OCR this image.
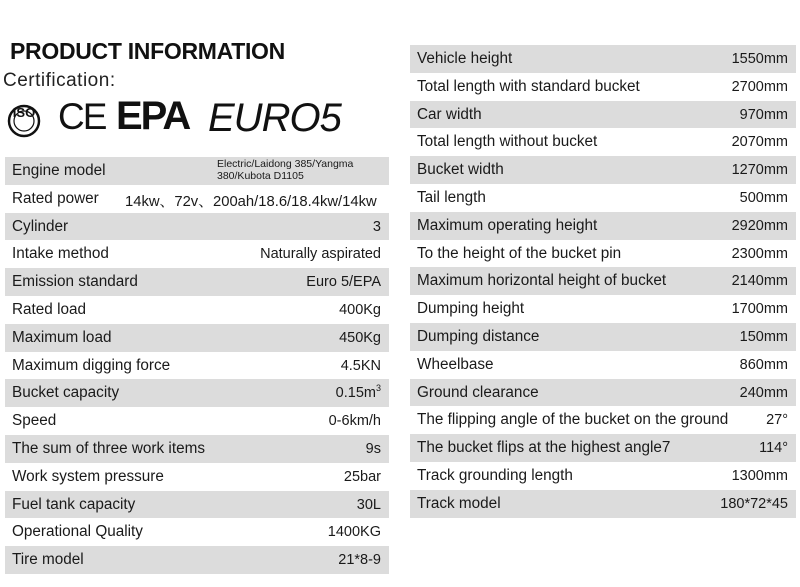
PRODUCT INFORMATION
Certification:
ISO CE EPA EURO5
Engine model	Electric/Laidong 385/Yangma 380/Kubota D1105
Rated power 14kw、72v、200ah/18.6/18.4kw/14kw
Cylinder	3
Intake method	Naturally aspirated
Emission standard	Euro 5/EPA
Rated load	400Kg
Maximum load	450Kg
Maximum digging force	4.5KN
Bucket capacity	$0.15m^3$
Speed	0-6km/h
The sum of three work items	9s
Work system pressure	25bar
Fuel tank capacity	30L
Operational Quality	1400KG
Tire model	21*8-9
Vehicle height	1550mm
Total length with standard bucket	2700mm
Car width	970mm
Total length without bucket	2070mm
Bucket width	1270mm
Tail length	500mm
Maximum operating height	2920mm
To the height of the bucket pin	2300mm
Maximum horizontal height of bucket	2140mm
Dumping height	1700mm
Dumping distance	150mm
Wheelbase	860mm
Ground clearance	240mm
The flipping angle of the bucket on the ground	27°
The bucket flips at the highest angle7	114°
Track grounding length	1300mm
Track model	180*72*45
